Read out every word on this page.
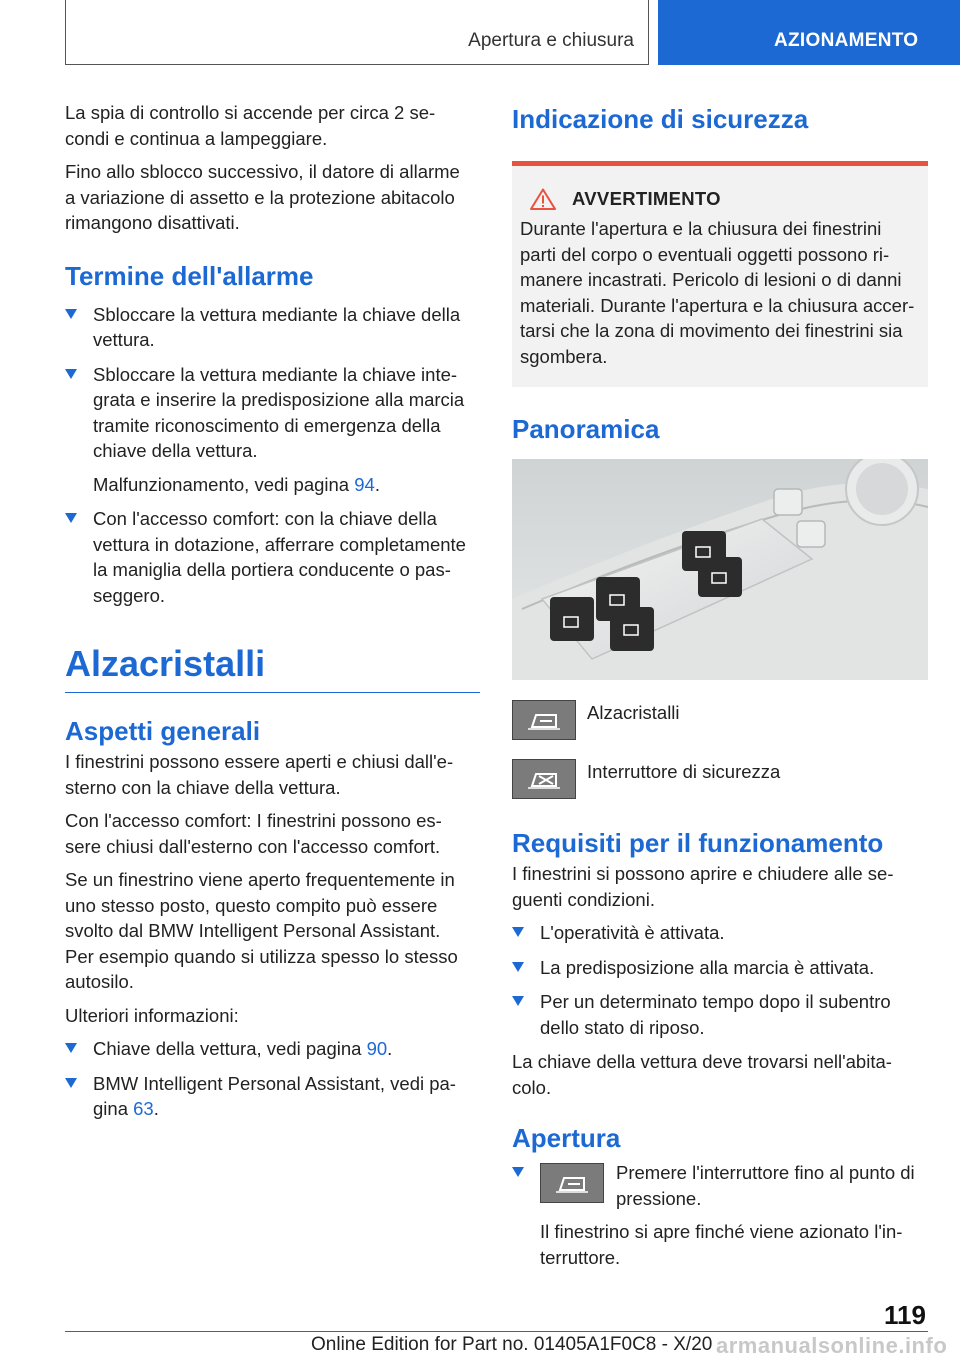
Apertura e chiusura	AZIONAMENTO

La spia di controllo si accende per circa 2 se-
condi e continua a lampeggiare.

Fino allo sblocco successivo, il datore di allarme
a variazione di assetto e la protezione abitacolo
rimangono disattivati.

Termine dell'allarme
Sbloccare la vettura mediante la chiave della
vettura.
Sbloccare la vettura mediante la chiave inte-
grata e inserire la predisposizione alla marcia
tramite riconoscimento di emergenza della
chiave della vettura.
Malfunzionamento, vedi pagina 94.
Con l'accesso comfort: con la chiave della
vettura in dotazione, afferrare completamente
la maniglia della portiera conducente o pas-
seggero.
Alzacristalli
Aspetti generali

I finestrini possono essere aperti e chiusi dall'e-
sterno con la chiave della vettura.

Con l'accesso comfort: I finestrini possono es-
sere chiusi dall'esterno con l'accesso comfort.

Se un finestrino viene aperto frequentemente in
uno stesso posto, questo compito può essere
svolto dal BMW Intelligent Personal Assistant.
Per esempio quando si utilizza spesso lo stesso
autosilo.

Ulteriori informazioni:

Chiave della vettura, vedi pagina 90.
BMW Intelligent Personal Assistant, vedi pa-
gina 63.
Indicazione di sicurezza
AVVERTIMENTO

Durante l'apertura e la chiusura dei finestrini
parti del corpo o eventuali oggetti possono ri-
manere incastrati. Pericolo di lesioni o di danni
materiali. Durante l'apertura e la chiusura accer-
tarsi che la zona di movimento dei finestrini sia
sgombera.

Panoramica
Alzacristalli
Interruttore di sicurezza
Requisiti per il funzionamento

I finestrini si possono aprire e chiudere alle se-
guenti condizioni.

L'operatività è attivata.
La predisposizione alla marcia è attivata.
Per un determinato tempo dopo il subentro
dello stato di riposo.

La chiave della vettura deve trovarsi nell'abita-
colo.

Apertura
Premere l'interruttore fino al punto di
pressione.
Il finestrino si apre finché viene azionato l'in-
terruttore.
119
Online Edition for Part no. 01405A1F0C8 - X/20 armanualsonline.info
